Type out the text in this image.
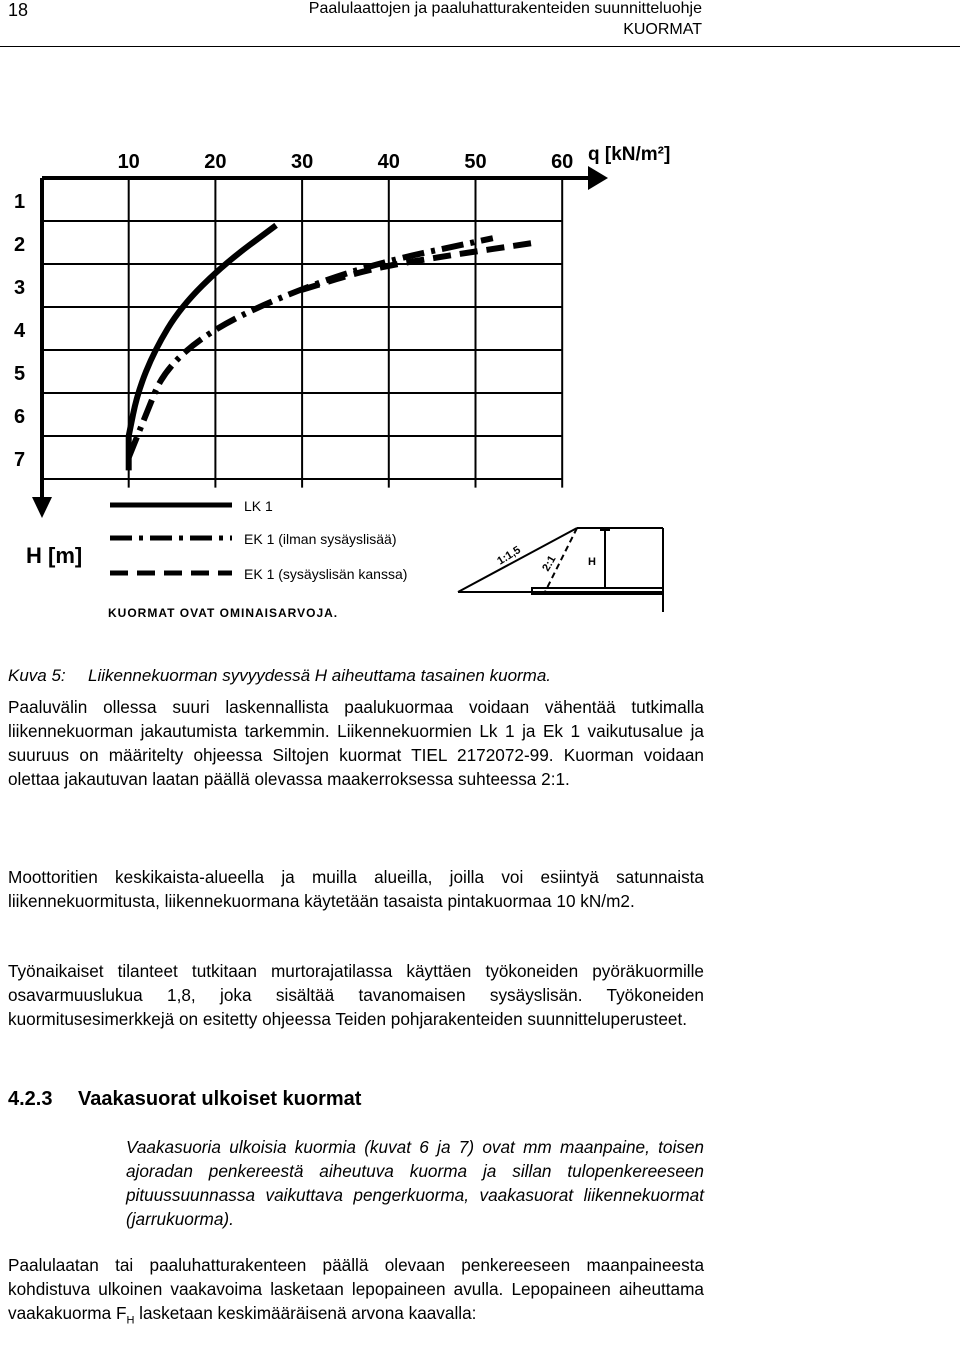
18	Paalulaattojen ja paaluhatturakenteiden suunnitteluohje
KUORMAT
10	20	30	40	50	60
1
2
3
4
5
6
7
q [kN/m²]
H [m]
LK 1
EK 1 (ilman sysäyslisää)
EK 1 (sysäyslisän kanssa)
KUORMAT OVAT OMINAISARVOJA.
1:1,5 2:1	H
Kuva 5: Liikennekuorman syvyydessä H aiheuttama tasainen kuorma.

Paaluvälin ollessa suuri laskennallista paalukuormaa voidaan vähentää tutkimalla liikennekuorman jakautumista tarkemmin. Liikennekuormien Lk 1 ja Ek 1 vaikutusalue ja suuruus on määritelty ohjeessa Siltojen kuormat TIEL 2172072-99. Kuorman voidaan olettaa jakautuvan laatan päällä olevassa maakerroksessa suhteessa 2:1.

Moottoritien keskikaista-alueella ja muilla alueilla, joilla voi esiintyä satunnaista liikennekuormitusta, liikennekuormana käytetään tasaista pintakuormaa 10 kN/m2.

Työnaikaiset tilanteet tutkitaan murtorajatilassa käyttäen työkoneiden pyöräkuormille osavarmuuslukua 1,8, joka sisältää tavanomaisen sysäyslisän. Työkoneiden kuormitusesimerkkejä on esitetty ohjeessa Teiden pohjarakenteiden suunnitteluperusteet.

4.2.3 Vaakasuorat ulkoiset kuormat

Vaakasuoria ulkoisia kuormia (kuvat 6 ja 7) ovat mm maanpaine, toisen ajoradan penkereestä aiheutuva kuorma ja sillan tulopenkereeseen pituussuunnassa vaikuttava pengerkuorma, vaakasuorat liikennekuormat (jarrukuorma).

Paalulaatan tai paaluhatturakenteen päällä olevaan penkereeseen maanpaineesta kohdistuva ulkoinen vaakavoima lasketaan lepopaineen avulla. Lepopaineen aiheuttama vaakakuorma $F_H$ lasketaan keskimääräisenä arvona kaavalla:
